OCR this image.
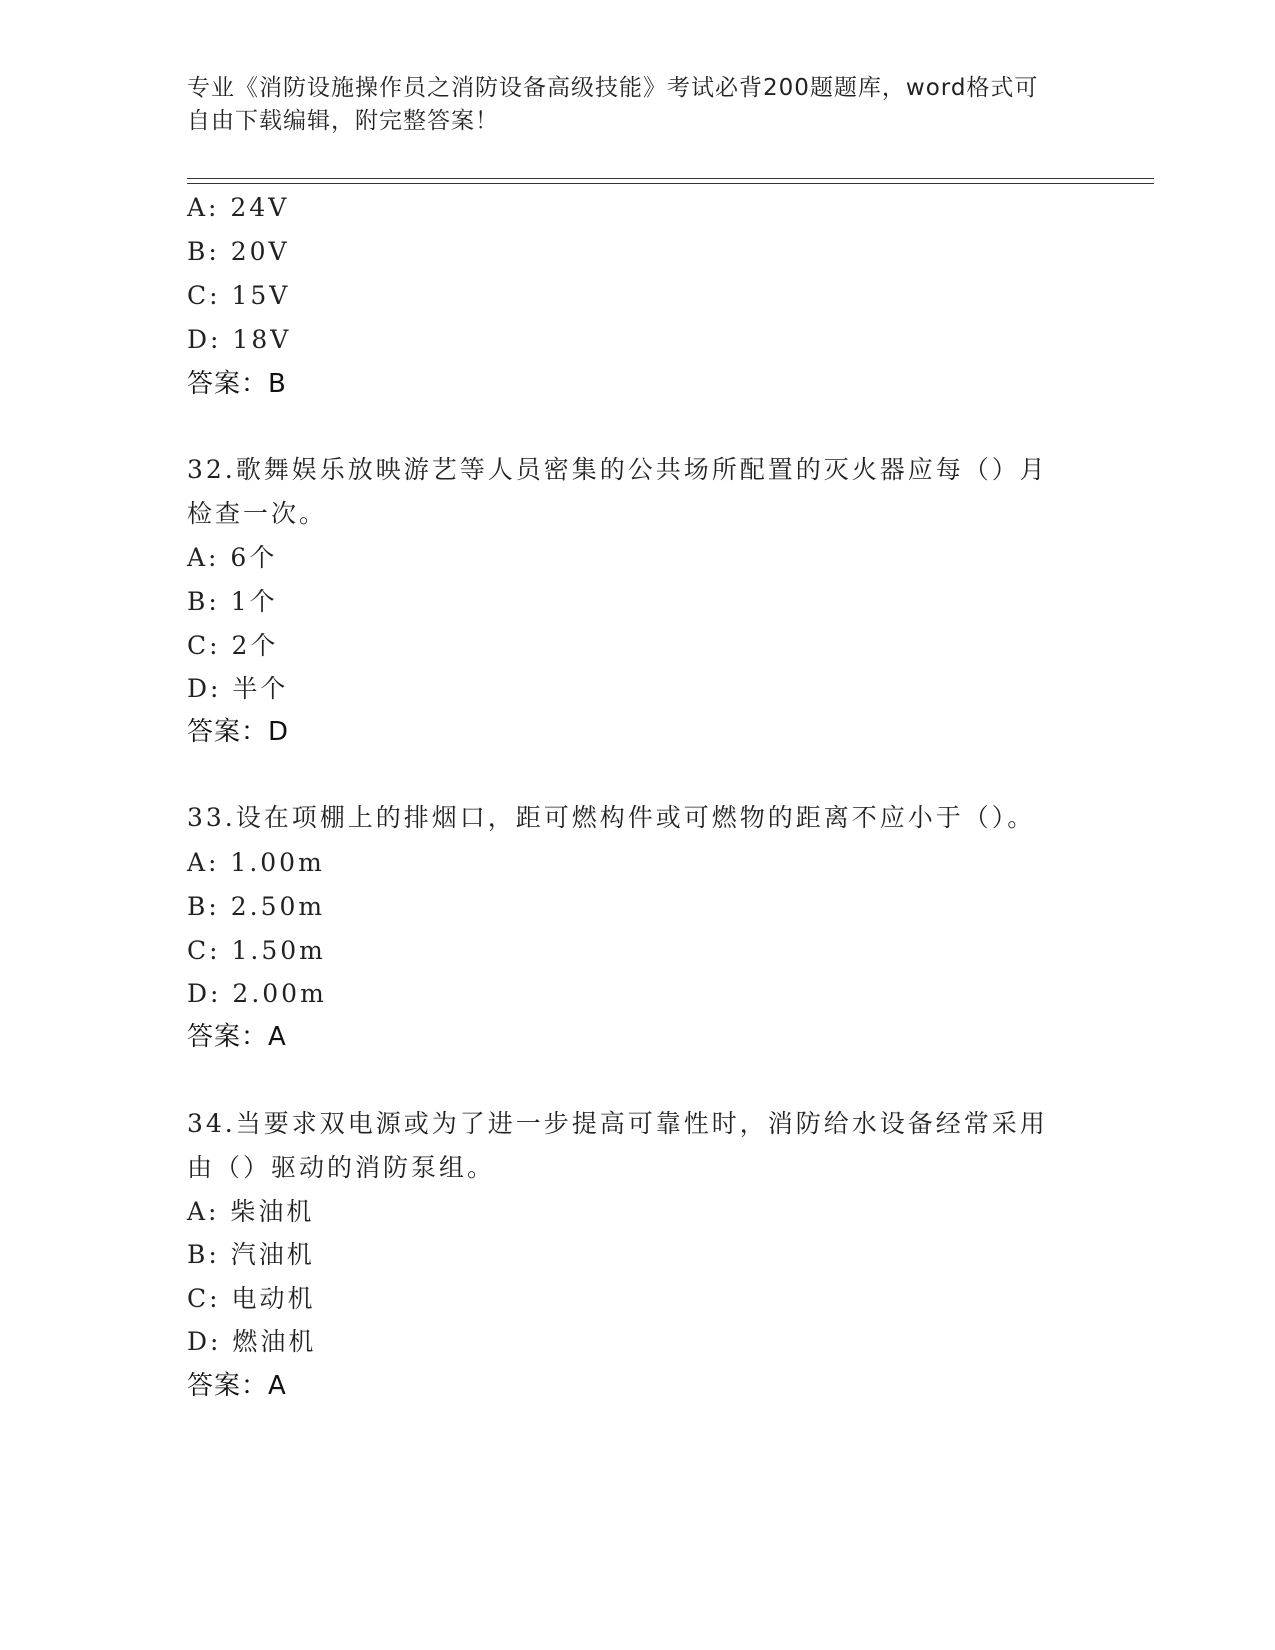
专业《消防设施操作员之消防设备高级技能》考试必背200题题库，word格式可
自由下载编辑，附完整答案！
A: 24V
B: 20V
C: 15V
D: 18V
答案：B
32.歌舞娱乐放映游艺等人员密集的公共场所配置的灭火器应每（）月
检查一次。
A: 6个
B: 1个
C: 2个
D: 半个
答案：D
33.设在项棚上的排烟口，距可燃构件或可燃物的距离不应小于（）。
A: 1.00m
B: 2.50m
C: 1.50m
D: 2.00m
答案：A
34.当要求双电源或为了进一步提高可靠性时，消防给水设备经常采用
由（）驱动的消防泵组。
A: 柴油机
B: 汽油机
C: 电动机
D: 燃油机
答案：A
